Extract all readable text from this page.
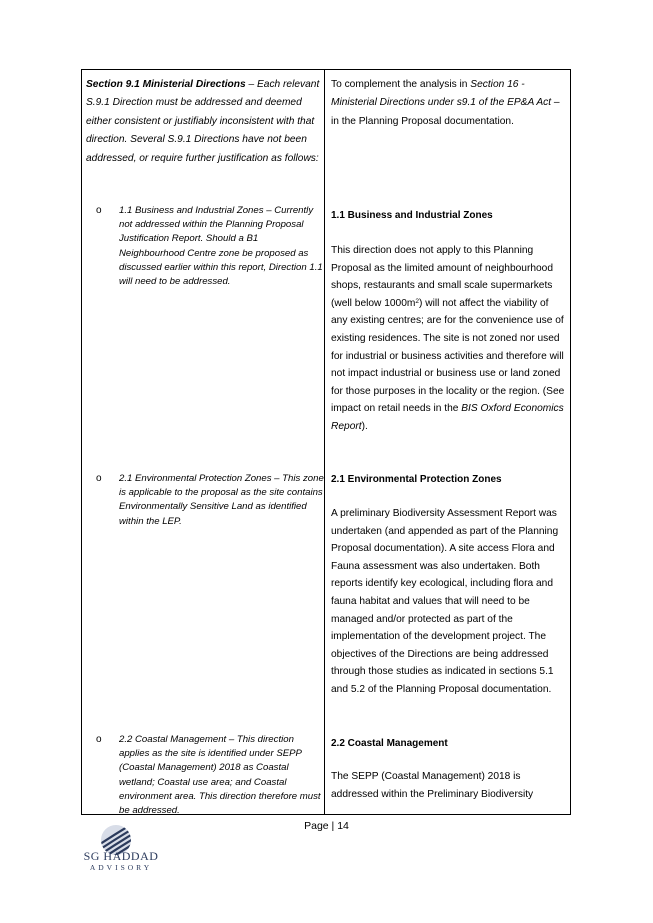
Section 9.1 Ministerial Directions – Each relevant S.9.1 Direction must be addressed and deemed either consistent or justifiably inconsistent with that direction. Several S.9.1 Directions have not been addressed, or require further justification as follows:
o 1.1 Business and Industrial Zones – Currently not addressed within the Planning Proposal Justification Report. Should a B1 Neighbourhood Centre zone be proposed as discussed earlier within this report, Direction 1.1 will need to be addressed.
o 2.1 Environmental Protection Zones – This zone is applicable to the proposal as the site contains Environmentally Sensitive Land as identified within the LEP.
o 2.2 Coastal Management – This direction applies as the site is identified under SEPP (Coastal Management) 2018 as Coastal wetland; Coastal use area; and Coastal environment area. This direction therefore must be addressed.
To complement the analysis in Section 16 - Ministerial Directions under s9.1 of the EP&A Act – in the Planning Proposal documentation.
1.1 Business and Industrial Zones
This direction does not apply to this Planning Proposal as the limited amount of neighbourhood shops, restaurants and small scale supermarkets (well below $1000m^2$) will not affect the viability of any existing centres; are for the convenience use of existing residences. The site is not zoned nor used for industrial or business activities and therefore will not impact industrial or business use or land zoned for those purposes in the locality or the region. (See impact on retail needs in the BIS Oxford Economics Report).
2.1 Environmental Protection Zones
A preliminary Biodiversity Assessment Report was undertaken (and appended as part of the Planning Proposal documentation). A site access Flora and Fauna assessment was also undertaken. Both reports identify key ecological, including flora and fauna habitat and values that will need to be managed and/or protected as part of the implementation of the development project. The objectives of the Directions are being addressed through those studies as indicated in sections 5.1 and 5.2 of the Planning Proposal documentation.
2.2 Coastal Management
The SEPP (Coastal Management) 2018 is addressed within the Preliminary Biodiversity
Page | 14
SG HADDAD
ADVISORY
